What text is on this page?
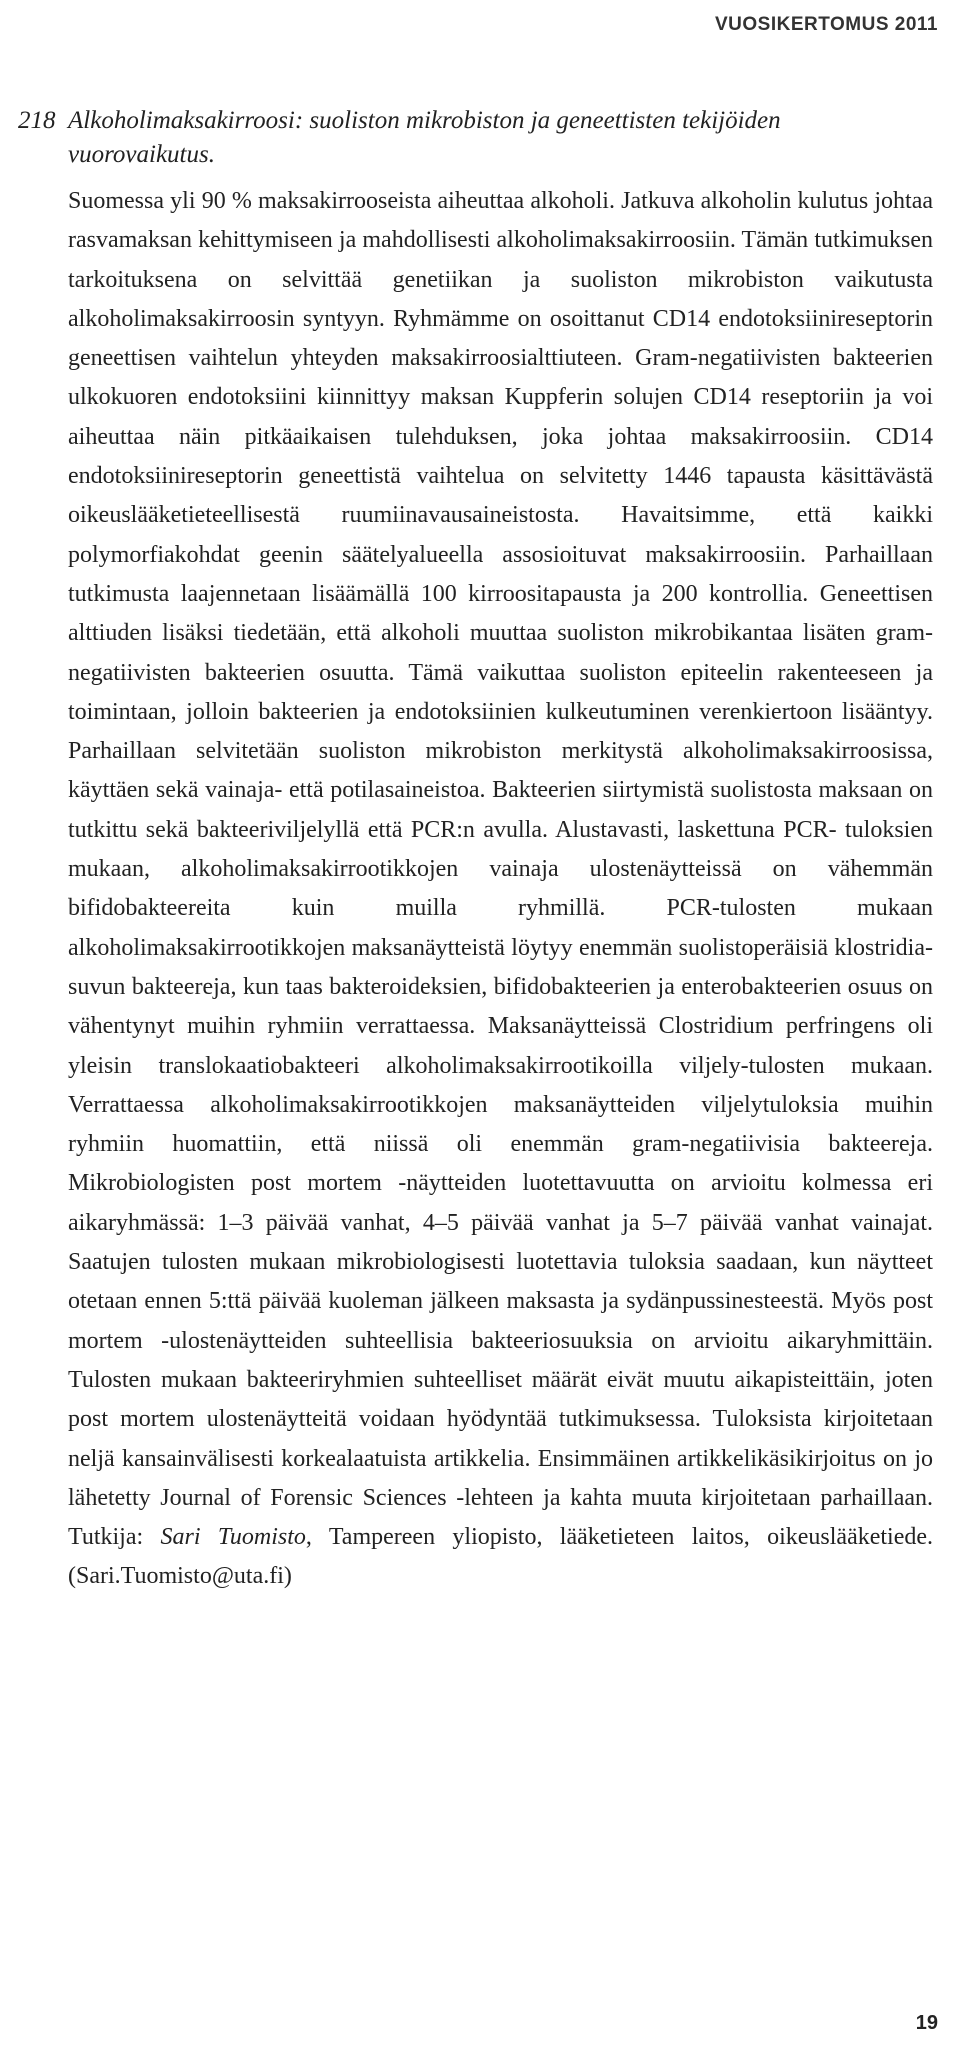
VUOSIKERTOMUS 2011
218 Alkoholimaksakirroosi: suoliston mikrobiston ja geneettisten tekijöiden vuorovaikutus.

Suomessa yli 90 % maksakirrooseista aiheuttaa alkoholi. Jatkuva alkoholin kulutus johtaa rasvamaksan kehittymiseen ja mahdollisesti alkoholimaksakirroosiin. Tämän tutkimuksen tarkoituksena on selvittää genetiikan ja suoliston mikrobiston vaikutusta alkoholimaksakirroosin syntyyn. Ryhmämme on osoittanut CD14 endotoksiinireseptorin geneettisen vaihtelun yhteyden maksakirroosialttiuteen. Gram-negatiivisten bakteerien ulkokuoren endotoksiini kiinnittyy maksan Kuppferin solujen CD14 reseptoriin ja voi aiheuttaa näin pitkäaikaisen tulehduksen, joka johtaa maksakirroosiin. CD14 endotoksiinireseptorin geneettistä vaihtelua on selvitetty 1446 tapausta käsittävästä oikeuslääketieteellisestä ruumiinavausaineistosta. Havaitsimme, että kaikki polymorfiakohdat geenin säätelyalueella assosioituvat maksakirroosiin. Parhaillaan tutkimusta laajennetaan lisäämällä 100 kirroositapausta ja 200 kontrollia. Geneettisen alttiuden lisäksi tiedetään, että alkoholi muuttaa suoliston mikrobikantaa lisäten gram-negatiivisten bakteerien osuutta. Tämä vaikuttaa suoliston epiteelin rakenteeseen ja toimintaan, jolloin bakteerien ja endotoksiinien kulkeutuminen verenkiertoon lisääntyy. Parhaillaan selvitetään suoliston mikrobiston merkitystä alkoholimaksakirroosissa, käyttäen sekä vainaja- että potilasaineistoa. Bakteerien siirtymistä suolistosta maksaan on tutkittu sekä bakteeriviljelyllä että PCR:n avulla. Alustavasti, laskettuna PCR- tuloksien mukaan, alkoholimaksakirrootikkojen vainaja ulostenäytteissä on vähemmän bifidobakteereita kuin muilla ryhmillä. PCR-tulosten mukaan alkoholimaksakirrootikkojen maksanäytteistä löytyy enemmän suolistoperäisiä klostridia-suvun bakteereja, kun taas bakteroideksien, bifidobakteerien ja enterobakteerien osuus on vähentynyt muihin ryhmiin verrattaessa. Maksanäytteissä Clostridium perfringens oli yleisin translokaatiobakteeri alkoholimaksakirrootikoilla viljely-tulosten mukaan. Verrattaessa alkoholimaksakirrootikkojen maksanäytteiden viljelytuloksia muihin ryhmiin huomattiin, että niissä oli enemmän gram-negatiivisia bakteereja. Mikrobiologisten post mortem -näytteiden luotettavuutta on arvioitu kolmessa eri aikaryhmässä: 1–3 päivää vanhat, 4–5 päivää vanhat ja 5–7 päivää vanhat vainajat. Saatujen tulosten mukaan mikrobiologisesti luotettavia tuloksia saadaan, kun näytteet otetaan ennen 5:ttä päivää kuoleman jälkeen maksasta ja sydänpussinesteestä. Myös post mortem -ulostenäytteiden suhteellisia bakteeriosuuksia on arvioitu aikaryhmittäin. Tulosten mukaan bakteeriryhmien suhteelliset määrät eivät muutu aikapisteittäin, joten post mortem ulostenäytteitä voidaan hyödyntää tutkimuksessa. Tuloksista kirjoitetaan neljä kansainvälisesti korkealaatuista artikkelia. Ensimmäinen artikkelikäsikirjoitus on jo lähetetty Journal of Forensic Sciences -lehteen ja kahta muuta kirjoitetaan parhaillaan. Tutkija: Sari Tuomisto, Tampereen yliopisto, lääketieteen laitos, oikeuslääketiede. (Sari.Tuomisto@uta.fi)

19
